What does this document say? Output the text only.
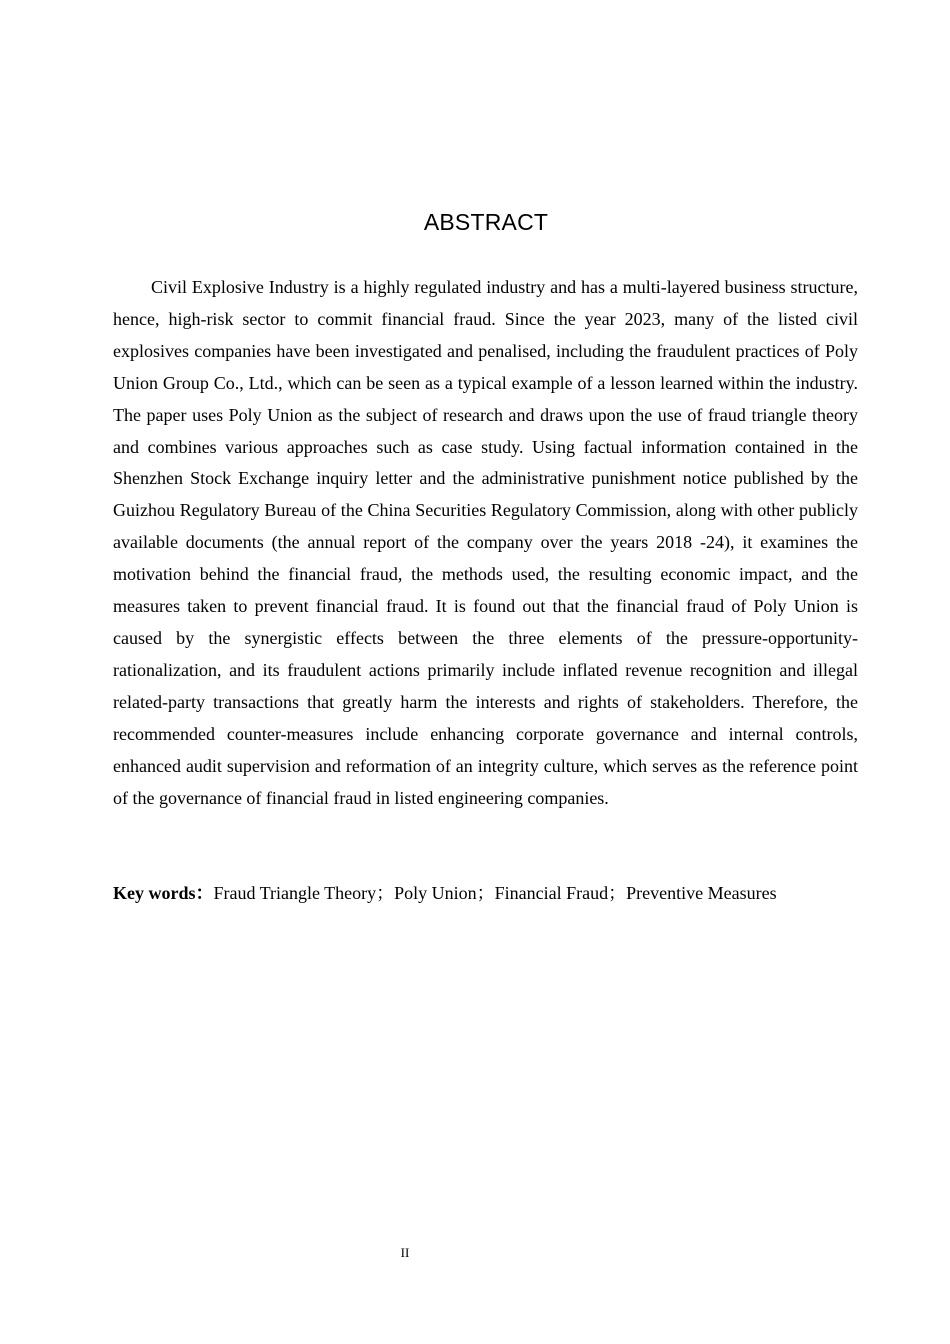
ABSTRACT

Civil Explosive Industry is a highly regulated industry and has a multi-layered business structure, hence, high-risk sector to commit financial fraud. Since the year 2023, many of the listed civil explosives companies have been investigated and penalised, including the fraudulent practices of Poly Union Group Co., Ltd., which can be seen as a typical example of a lesson learned within the industry. The paper uses Poly Union as the subject of research and draws upon the use of fraud triangle theory and combines various approaches such as case study. Using factual information contained in the Shenzhen Stock Exchange inquiry letter and the administrative punishment notice published by the Guizhou Regulatory Bureau of the China Securities Regulatory Commission, along with other publicly available documents (the annual report of the company over the years 2018 -24), it examines the motivation behind the financial fraud, the methods used, the resulting economic impact, and the measures taken to prevent financial fraud. It is found out that the financial fraud of Poly Union is caused by the synergistic effects between the three elements of the pressure-opportunity-rationalization, and its fraudulent actions primarily include inflated revenue recognition and illegal related-party transactions that greatly harm the interests and rights of stakeholders. Therefore, the recommended counter-measures include enhancing corporate governance and internal controls, enhanced audit supervision and reformation of an integrity culture, which serves as the reference point of the governance of financial fraud in listed engineering companies.

Key words：Fraud Triangle Theory；Poly Union；Financial Fraud；Preventive Measures

II
